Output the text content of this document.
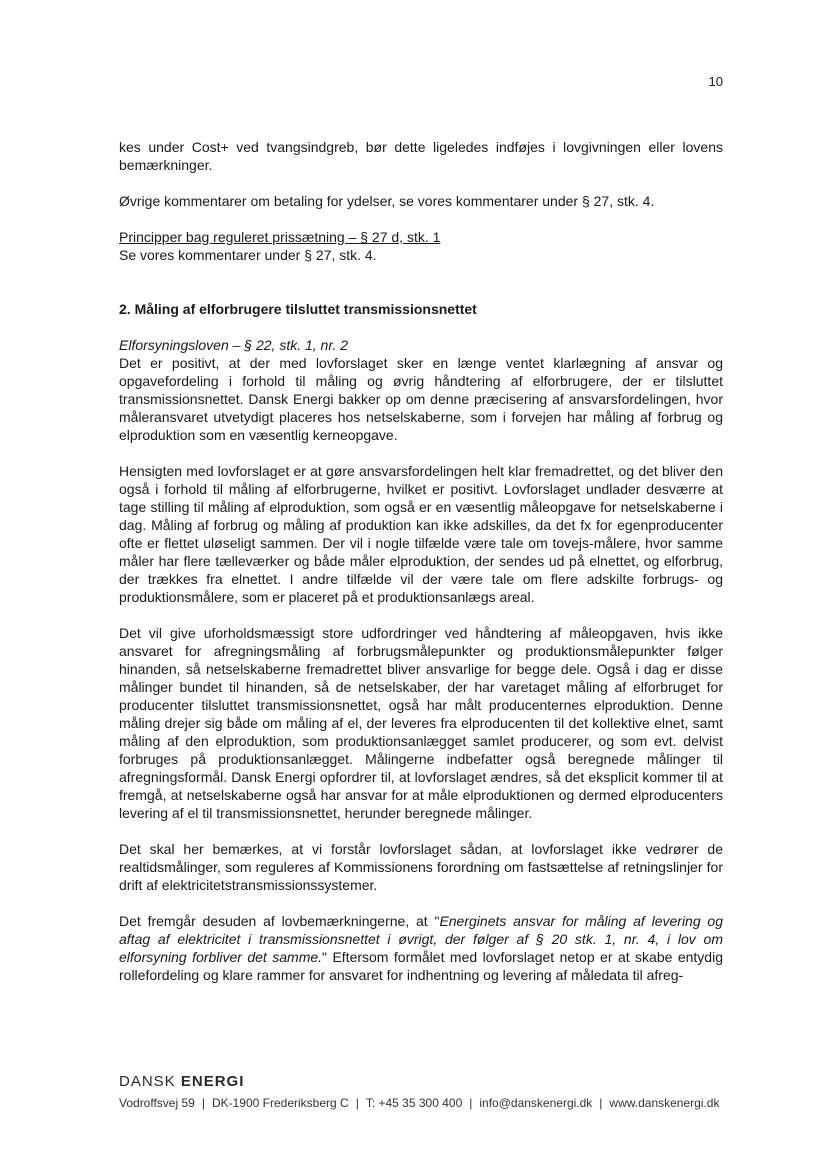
10

kes under Cost+ ved tvangsindgreb, bør dette ligeledes indføjes i lovgivningen eller lovens bemærkninger.

Øvrige kommentarer om betaling for ydelser, se vores kommentarer under § 27, stk. 4.

Principper bag reguleret prissætning – § 27 d, stk. 1

Se vores kommentarer under § 27, stk. 4.

2. Måling af elforbrugere tilsluttet transmissionsnettet

Elforsyningsloven – § 22, stk. 1, nr. 2

Det er positivt, at der med lovforslaget sker en længe ventet klarlægning af ansvar og opgavefordeling i forhold til måling og øvrig håndtering af elforbrugere, der er tilsluttet transmissionsnettet. Dansk Energi bakker op om denne præcisering af ansvarsfordelingen, hvor måleransvaret utvetydigt placeres hos netselskaberne, som i forvejen har måling af forbrug og elproduktion som en væsentlig kerneopgave.

Hensigten med lovforslaget er at gøre ansvarsfordelingen helt klar fremadrettet, og det bliver den også i forhold til måling af elforbrugerne, hvilket er positivt. Lovforslaget undlader desværre at tage stilling til måling af elproduktion, som også er en væsentlig måleopgave for netselskaberne i dag. Måling af forbrug og måling af produktion kan ikke adskilles, da det fx for egenproducenter ofte er flettet uløseligt sammen. Der vil i nogle tilfælde være tale om tovejs-målere, hvor samme måler har flere tælleværker og både måler elproduktion, der sendes ud på elnettet, og elforbrug, der trækkes fra elnettet. I andre tilfælde vil der være tale om flere adskilte forbrugs- og produktionsmålere, som er placeret på et produktionsanlægs areal.

Det vil give uforholdsmæssigt store udfordringer ved håndtering af måleopgaven, hvis ikke ansvaret for afregningsmåling af forbrugsmålepunkter og produktionsmålepunkter følger hinanden, så netselskaberne fremadrettet bliver ansvarlige for begge dele. Også i dag er disse målinger bundet til hinanden, så de netselskaber, der har varetaget måling af elforbruget for producenter tilsluttet transmissionsnettet, også har målt producenternes elproduktion. Denne måling drejer sig både om måling af el, der leveres fra elproducenten til det kollektive elnet, samt måling af den elproduktion, som produktionsanlægget samlet producerer, og som evt. delvist forbruges på produktionsanlægget. Målingerne indbefatter også beregnede målinger til afregningsformål. Dansk Energi opfordrer til, at lovforslaget ændres, så det eksplicit kommer til at fremgå, at netselskaberne også har ansvar for at måle elproduktionen og dermed elproducenters levering af el til transmissionsnettet, herunder beregnede målinger.

Det skal her bemærkes, at vi forstår lovforslaget sådan, at lovforslaget ikke vedrører de realtidsmålinger, som reguleres af Kommissionens forordning om fastsættelse af retningslinjer for drift af elektricitetstransmissionssystemer.

Det fremgår desuden af lovbemærkningerne, at "Energinets ansvar for måling af levering og aftag af elektricitet i transmissionsnettet i øvrigt, der følger af § 20 stk. 1, nr. 4, i lov om elforsyning forbliver det samme." Eftersom formålet med lovforslaget netop er at skabe entydig rollefordeling og klare rammer for ansvaret for indhentning og levering af måledata til afreg-

DANSK ENERGI
Vodroffsvej 59 | DK-1900 Frederiksberg C | T: +45 35 300 400 | info@danskenergi.dk | www.danskenergi.dk
